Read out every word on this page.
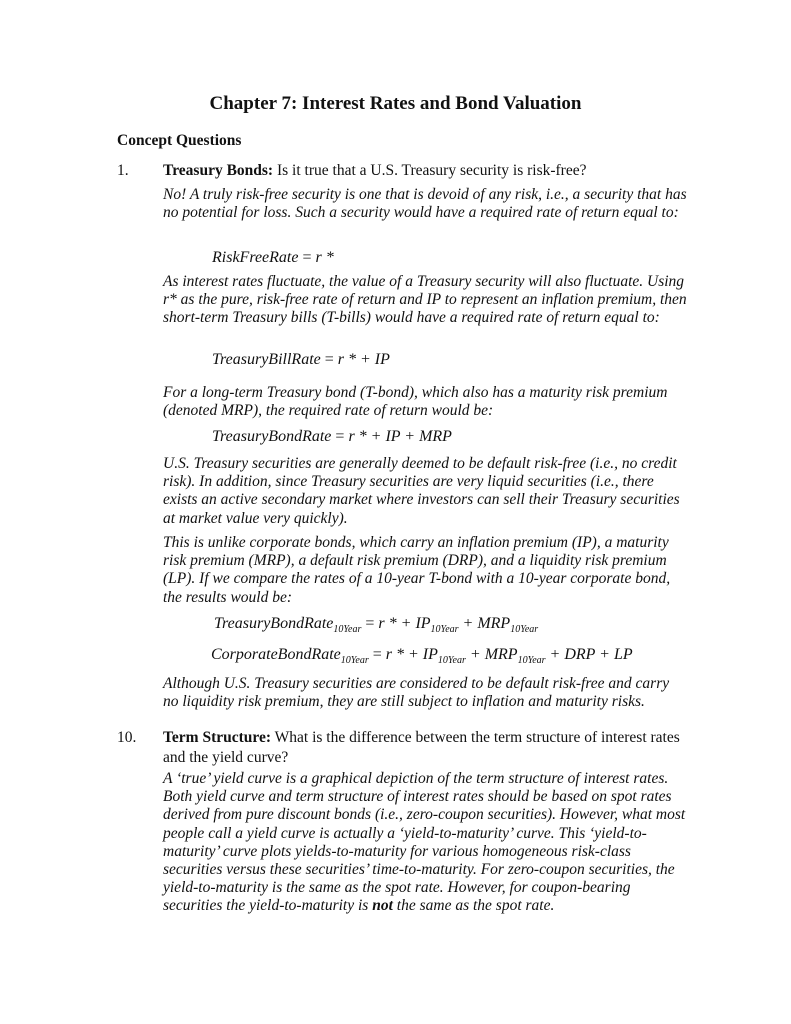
Chapter 7: Interest Rates and Bond Valuation
Concept Questions
1. Treasury Bonds: Is it true that a U.S. Treasury security is risk-free?
No! A truly risk-free security is one that is devoid of any risk, i.e., a security that has no potential for loss. Such a security would have a required rate of return equal to:
RiskFreeRate = r *
As interest rates fluctuate, the value of a Treasury security will also fluctuate. Using r* as the pure, risk-free rate of return and IP to represent an inflation premium, then short-term Treasury bills (T-bills) would have a required rate of return equal to:
TreasuryBillRate = r * + IP
For a long-term Treasury bond (T-bond), which also has a maturity risk premium (denoted MRP), the required rate of return would be:
TreasuryBondRate = r * + IP + MRP
U.S. Treasury securities are generally deemed to be default risk-free (i.e., no credit risk). In addition, since Treasury securities are very liquid securities (i.e., there exists an active secondary market where investors can sell their Treasury securities at market value very quickly).
This is unlike corporate bonds, which carry an inflation premium (IP), a maturity risk premium (MRP), a default risk premium (DRP), and a liquidity risk premium (LP). If we compare the rates of a 10-year T-bond with a 10-year corporate bond, the results would be:
TreasuryBondRate$_{10Year}$ = r * + $IP_{10Year} + MRP_{10Year}$
CorporateBondRate$_{10Year}$ = r * + $IP_{10Year} + MRP_{10Year}$ + DRP + LP
Although U.S. Treasury securities are considered to be default risk-free and carry no liquidity risk premium, they are still subject to inflation and maturity risks.
10. Term Structure: What is the difference between the term structure of interest rates and the yield curve?
A ‘true’ yield curve is a graphical depiction of the term structure of interest rates. Both yield curve and term structure of interest rates should be based on spot rates derived from pure discount bonds (i.e., zero-coupon securities). However, what most people call a yield curve is actually a ‘yield-to-maturity’ curve. This ‘yield-to-maturity’ curve plots yields-to-maturity for various homogeneous risk-class securities versus these securities’ time-to-maturity. For zero-coupon securities, the yield-to-maturity is the same as the spot rate. However, for coupon-bearing securities the yield-to-maturity is not the same as the spot rate.
